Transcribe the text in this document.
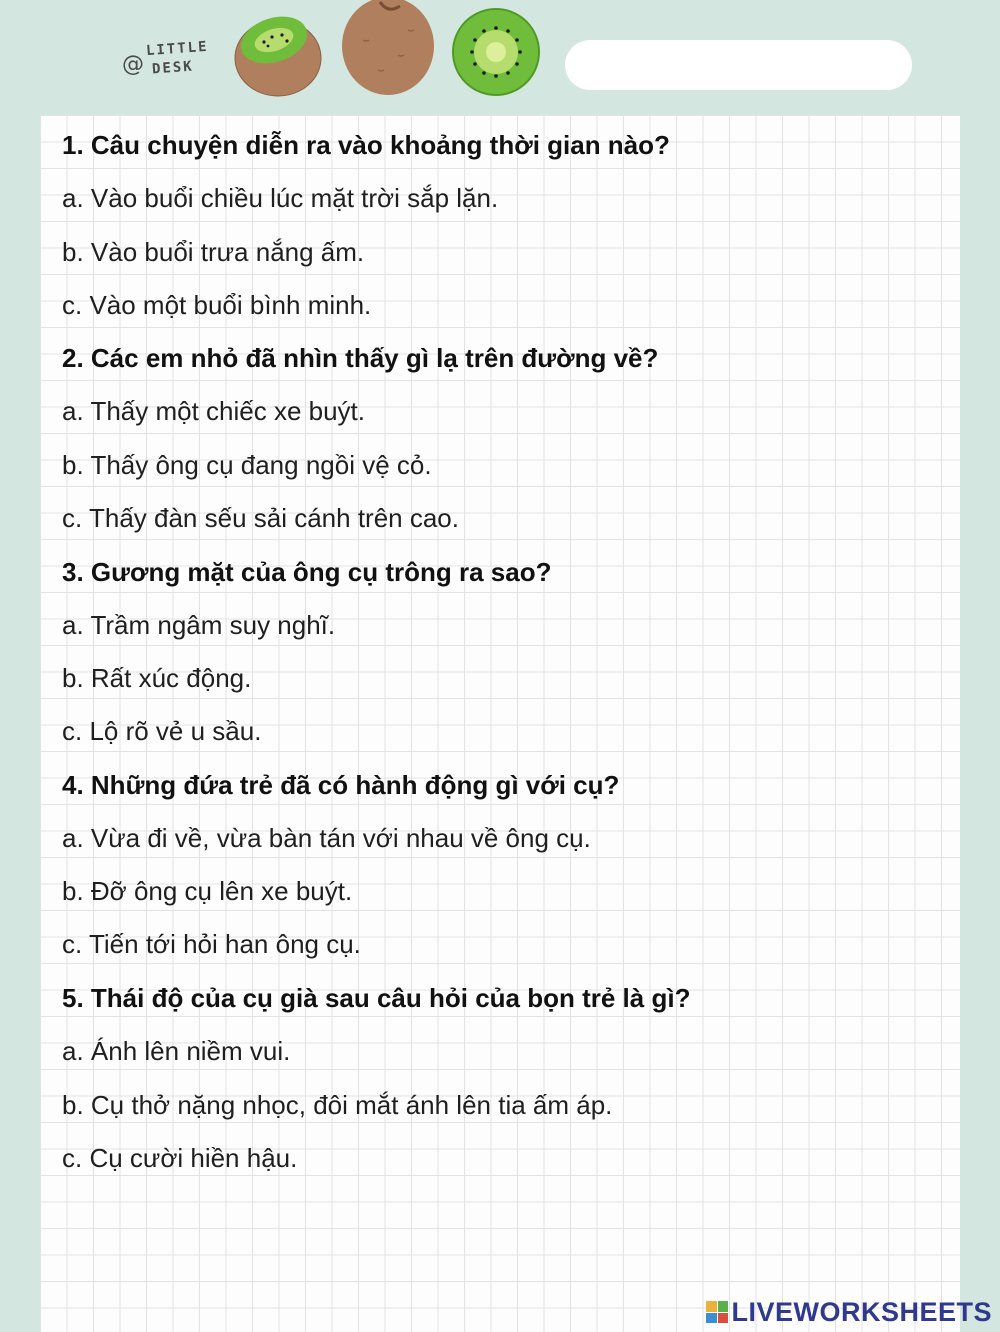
@
LITTLE
DESK

1. Câu chuyện diễn ra vào khoảng thời gian nào?

a. Vào buổi chiều lúc mặt trời sắp lặn.

b. Vào buổi trưa nắng ấm.

c. Vào một buổi bình minh.

2. Các em nhỏ đã nhìn thấy gì lạ trên đường về?

a. Thấy một chiếc xe buýt.

b. Thấy ông cụ đang ngồi vệ cỏ.

c. Thấy đàn sếu sải cánh trên cao.

3. Gương mặt của ông cụ trông ra sao?

a. Trầm ngâm suy nghĩ.

b. Rất xúc động.

c. Lộ rõ vẻ u sầu.

4. Những đứa trẻ đã có hành động gì với cụ?

a. Vừa đi về, vừa bàn tán với nhau về ông cụ.

b. Đỡ ông cụ lên xe buýt.

c. Tiến tới hỏi han ông cụ.

5. Thái độ của cụ già sau câu hỏi của bọn trẻ là gì?

a. Ánh lên niềm vui.

b. Cụ thở nặng nhọc, đôi mắt ánh lên tia ấm áp.

c. Cụ cười hiền hậu.

LIVEWORKSHEETS
